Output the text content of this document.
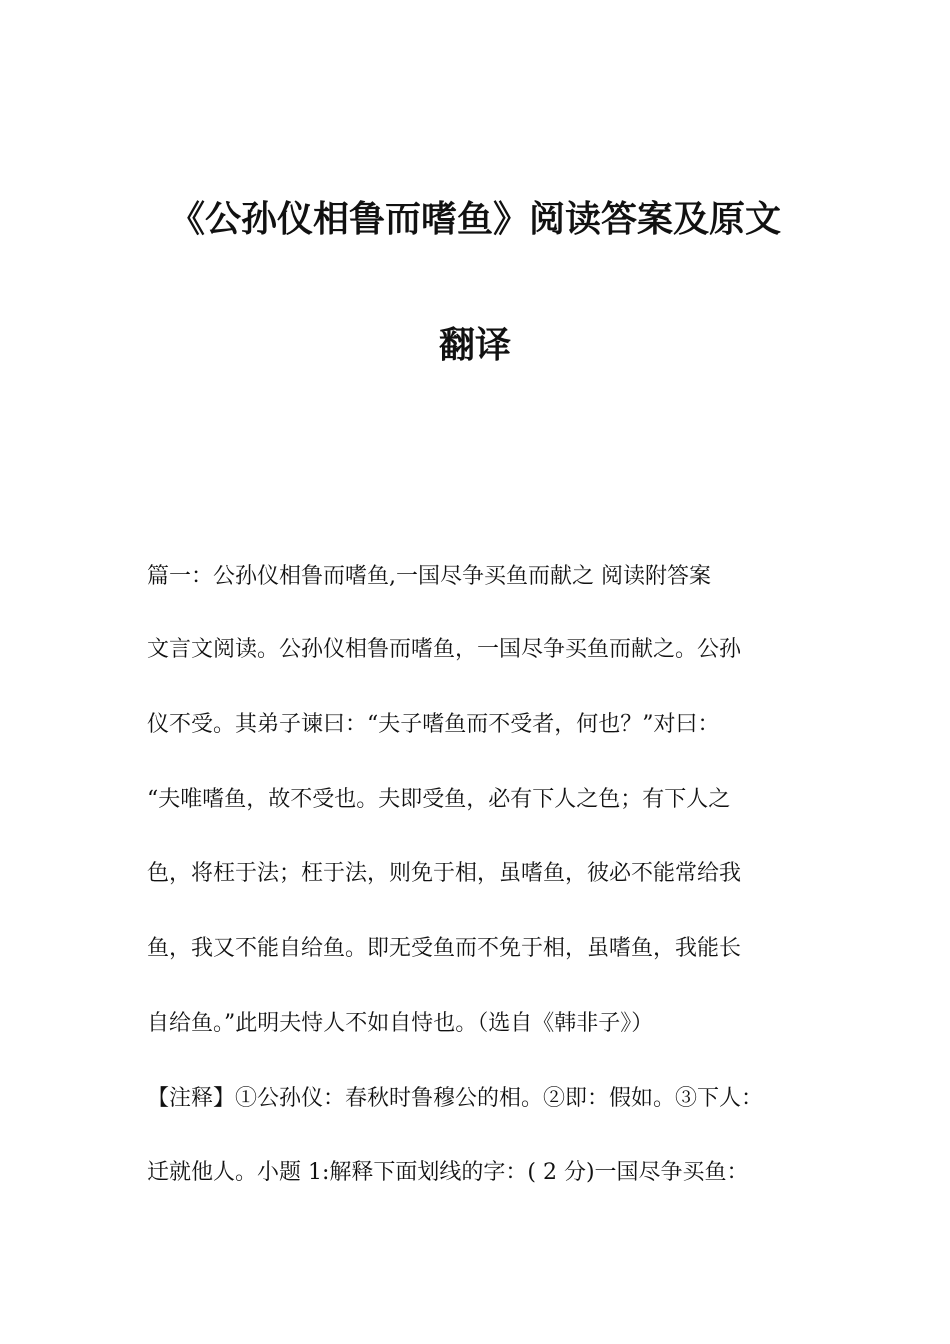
《公孙仪相鲁而嗜鱼》阅读答案及原文
翻译
篇一：公孙仪相鲁而嗜鱼,一国尽争买鱼而献之 阅读附答案
文言文阅读。公孙仪相鲁而嗜鱼，一国尽争买鱼而献之。公孙
仪不受。其弟子谏曰：“夫子嗜鱼而不受者，何也？”对曰：
“夫唯嗜鱼，故不受也。夫即受鱼，必有下人之色；有下人之
色，将枉于法；枉于法，则免于相，虽嗜鱼，彼必不能常给我
鱼，我又不能自给鱼。即无受鱼而不免于相，虽嗜鱼，我能长
自给鱼。”此明夫恃人不如自恃也。（选自《韩非子》）
【注释】①公孙仪：春秋时鲁穆公的相。②即：假如。③下人：
迁就他人。小题 1:解释下面划线的字：( 2 分)一国尽争买鱼：
